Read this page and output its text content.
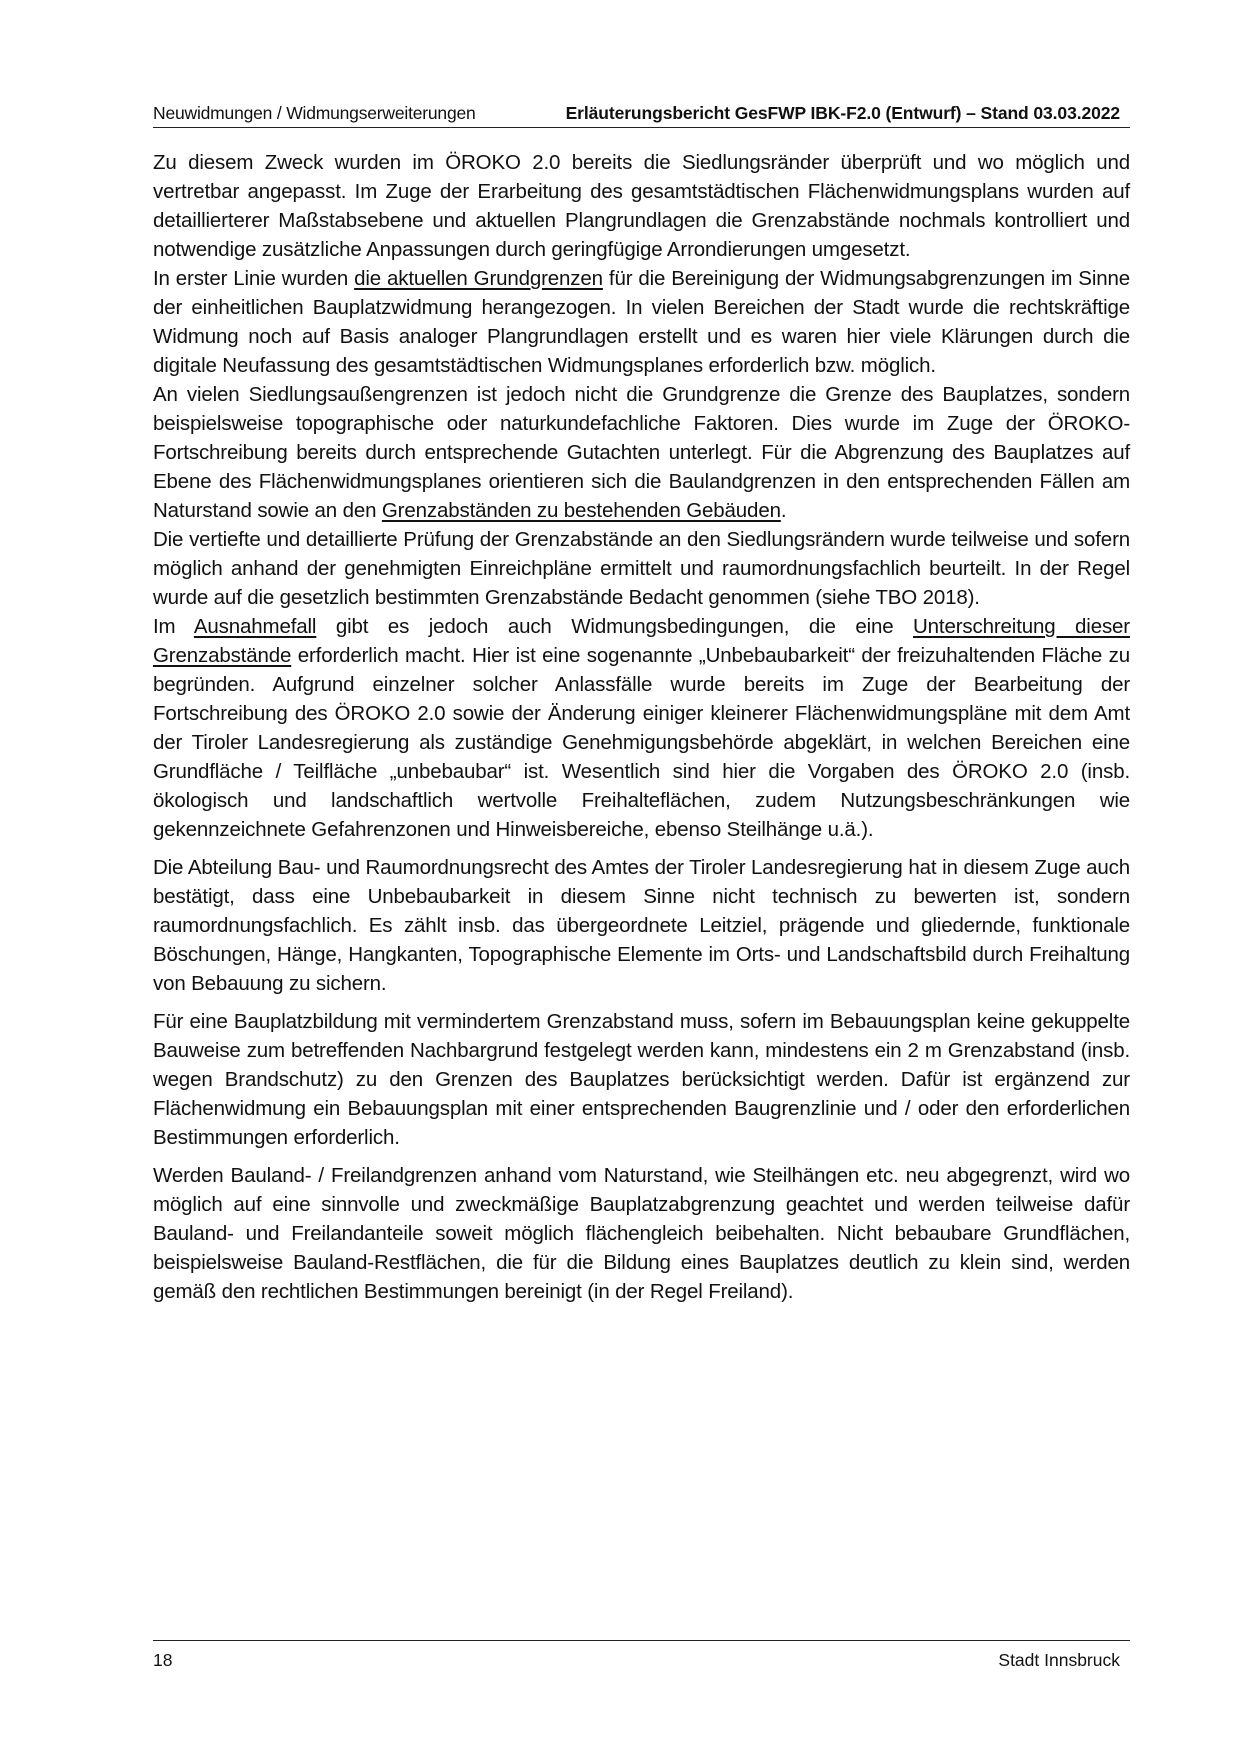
Neuwidmungen / Widmungserweiterungen	Erläuterungsbericht GesFWP IBK-F2.0 (Entwurf) – Stand 03.03.2022

Zu diesem Zweck wurden im ÖROKO 2.0 bereits die Siedlungsränder überprüft und wo möglich und vertretbar angepasst. Im Zuge der Erarbeitung des gesamtstädtischen Flächenwidmungsplans wurden auf detaillierterer Maßstabsebene und aktuellen Plangrundlagen die Grenzabstände nochmals kontrolliert und notwendige zusätzliche Anpassungen durch geringfügige Arrondierungen umgesetzt.

In erster Linie wurden die aktuellen Grundgrenzen für die Bereinigung der Widmungsabgrenzungen im Sinne der einheitlichen Bauplatzwidmung herangezogen. In vielen Bereichen der Stadt wurde die rechtskräftige Widmung noch auf Basis analoger Plangrundlagen erstellt und es waren hier viele Klärungen durch die digitale Neufassung des gesamtstädtischen Widmungsplanes erforderlich bzw. möglich.

An vielen Siedlungsaußengrenzen ist jedoch nicht die Grundgrenze die Grenze des Bauplatzes, sondern beispielsweise topographische oder naturkundefachliche Faktoren. Dies wurde im Zuge der ÖROKO-Fortschreibung bereits durch entsprechende Gutachten unterlegt. Für die Abgrenzung des Bauplatzes auf Ebene des Flächenwidmungsplanes orientieren sich die Baulandgrenzen in den entsprechenden Fällen am Naturstand sowie an den Grenzabständen zu bestehenden Gebäuden.

Die vertiefte und detaillierte Prüfung der Grenzabstände an den Siedlungsrändern wurde teilweise und sofern möglich anhand der genehmigten Einreichpläne ermittelt und raumordnungsfachlich beurteilt. In der Regel wurde auf die gesetzlich bestimmten Grenzabstände Bedacht genommen (siehe TBO 2018).

Im Ausnahmefall gibt es jedoch auch Widmungsbedingungen, die eine Unterschreitung dieser Grenzabstände erforderlich macht. Hier ist eine sogenannte „Unbebaubarkeit“ der freizuhaltenden Fläche zu begründen. Aufgrund einzelner solcher Anlassfälle wurde bereits im Zuge der Bearbeitung der Fortschreibung des ÖROKO 2.0 sowie der Änderung einiger kleinerer Flächenwidmungspläne mit dem Amt der Tiroler Landesregierung als zuständige Genehmigungsbehörde abgeklärt, in welchen Bereichen eine Grundfläche / Teilfläche „unbebaubar“ ist. Wesentlich sind hier die Vorgaben des ÖROKO 2.0 (insb. ökologisch und landschaftlich wertvolle Freihalteflächen, zudem Nutzungsbeschränkungen wie gekennzeichnete Gefahrenzonen und Hinweisbereiche, ebenso Steilhänge u.ä.).

Die Abteilung Bau- und Raumordnungsrecht des Amtes der Tiroler Landesregierung hat in diesem Zuge auch bestätigt, dass eine Unbebaubarkeit in diesem Sinne nicht technisch zu bewerten ist, sondern raumordnungsfachlich. Es zählt insb. das übergeordnete Leitziel, prägende und gliedernde, funktionale Böschungen, Hänge, Hangkanten, Topographische Elemente im Orts- und Landschaftsbild durch Freihaltung von Bebauung zu sichern.

Für eine Bauplatzbildung mit vermindertem Grenzabstand muss, sofern im Bebauungsplan keine gekuppelte Bauweise zum betreffenden Nachbargrund festgelegt werden kann, mindestens ein 2 m Grenzabstand (insb. wegen Brandschutz) zu den Grenzen des Bauplatzes berücksichtigt werden. Dafür ist ergänzend zur Flächenwidmung ein Bebauungsplan mit einer entsprechenden Baugrenzlinie und / oder den erforderlichen Bestimmungen erforderlich.

Werden Bauland- / Freilandgrenzen anhand vom Naturstand, wie Steilhängen etc. neu abgegrenzt, wird wo möglich auf eine sinnvolle und zweckmäßige Bauplatzabgrenzung geachtet und werden teilweise dafür Bauland- und Freilandanteile soweit möglich flächengleich beibehalten. Nicht bebaubare Grundflächen, beispielsweise Bauland-Restflächen, die für die Bildung eines Bauplatzes deutlich zu klein sind, werden gemäß den rechtlichen Bestimmungen bereinigt (in der Regel Freiland).

18	Stadt Innsbruck
